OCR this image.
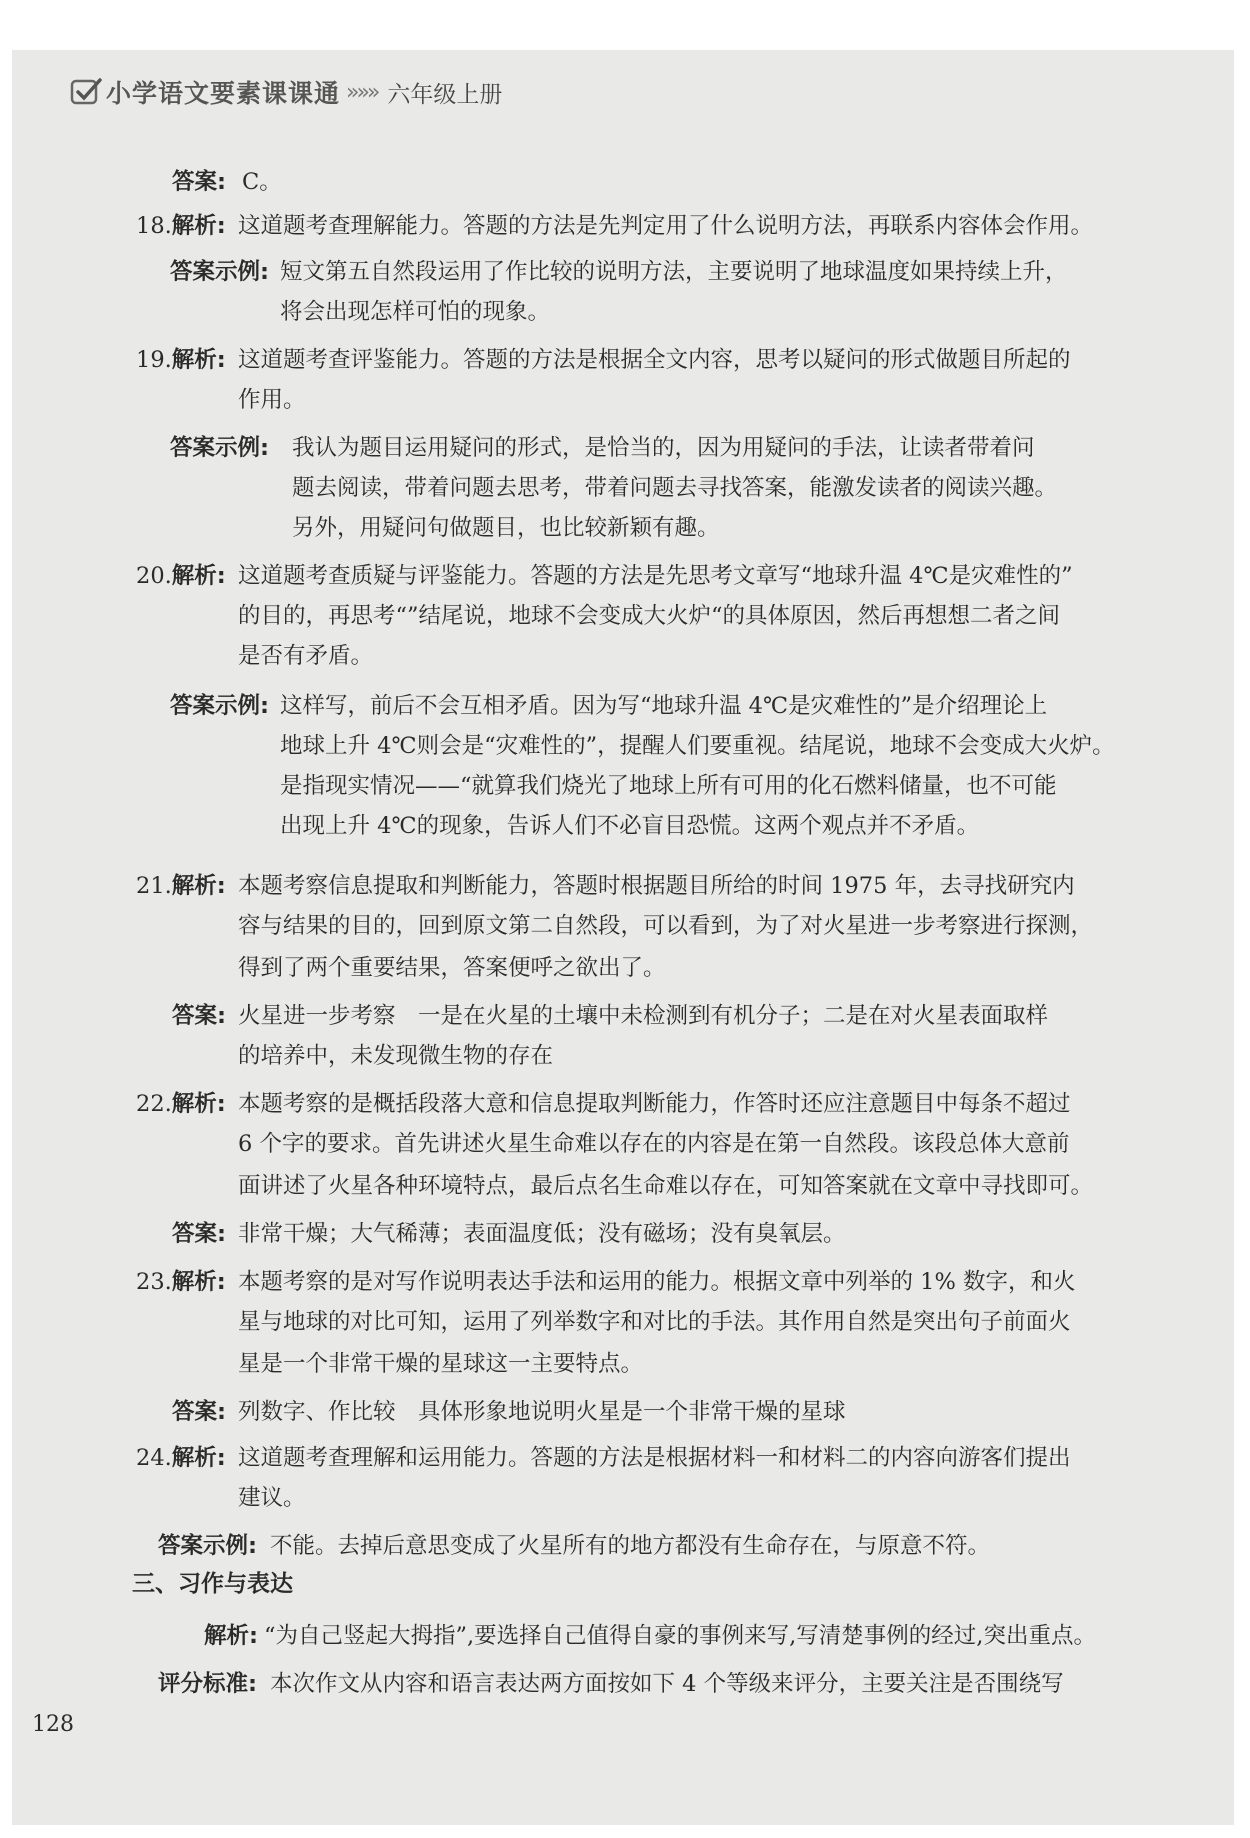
小学语文要素课课通 »»» 六年级上册
答案: C。
18.解析: 这道题考查理解能力。答题的方法是先判定用了什么说明方法，再联系内容体会作用。
答案示例: 短文第五自然段运用了作比较的说明方法，主要说明了地球温度如果持续上升，
将会出现怎样可怕的现象。
19.解析: 这道题考查评鉴能力。答题的方法是根据全文内容，思考以疑问的形式做题目所起的
作用。
答案示例: 我认为题目运用疑问的形式，是恰当的，因为用疑问的手法，让读者带着问
题去阅读，带着问题去思考，带着问题去寻找答案，能激发读者的阅读兴趣。
另外，用疑问句做题目，也比较新颖有趣。
20.解析: 这道题考查质疑与评鉴能力。答题的方法是先思考文章写“地球升温 4℃是灾难性的”
的目的，再思考“”结尾说，地球不会变成大火炉“的具体原因，然后再想想二者之间
是否有矛盾。
答案示例: 这样写，前后不会互相矛盾。因为写“地球升温 4℃是灾难性的”是介绍理论上
地球上升 4℃则会是“灾难性的”，提醒人们要重视。结尾说，地球不会变成大火炉。
是指现实情况——“就算我们烧光了地球上所有可用的化石燃料储量，也不可能
出现上升 4℃的现象，告诉人们不必盲目恐慌。这两个观点并不矛盾。
21.解析: 本题考察信息提取和判断能力，答题时根据题目所给的时间 1975 年，去寻找研究内
容与结果的目的，回到原文第二自然段，可以看到，为了对火星进一步考察进行探测，
得到了两个重要结果，答案便呼之欲出了。
答案: 火星进一步考察　一是在火星的土壤中未检测到有机分子；二是在对火星表面取样
的培养中，未发现微生物的存在
22.解析: 本题考察的是概括段落大意和信息提取判断能力，作答时还应注意题目中每条不超过
6 个字的要求。首先讲述火星生命难以存在的内容是在第一自然段。该段总体大意前
面讲述了火星各种环境特点，最后点名生命难以存在，可知答案就在文章中寻找即可。
答案: 非常干燥；大气稀薄；表面温度低；没有磁场；没有臭氧层。
23.解析: 本题考察的是对写作说明表达手法和运用的能力。根据文章中列举的 1% 数字，和火
星与地球的对比可知，运用了列举数字和对比的手法。其作用自然是突出句子前面火
星是一个非常干燥的星球这一主要特点。
答案: 列数字、作比较　具体形象地说明火星是一个非常干燥的星球
24.解析: 这道题考查理解和运用能力。答题的方法是根据材料一和材料二的内容向游客们提出
建议。
答案示例: 不能。去掉后意思变成了火星所有的地方都没有生命存在，与原意不符。
三、习作与表达
解析: “为自己竖起大拇指”,要选择自己值得自豪的事例来写,写清楚事例的经过,突出重点。
评分标准: 本次作文从内容和语言表达两方面按如下 4 个等级来评分，主要关注是否围绕写
128
